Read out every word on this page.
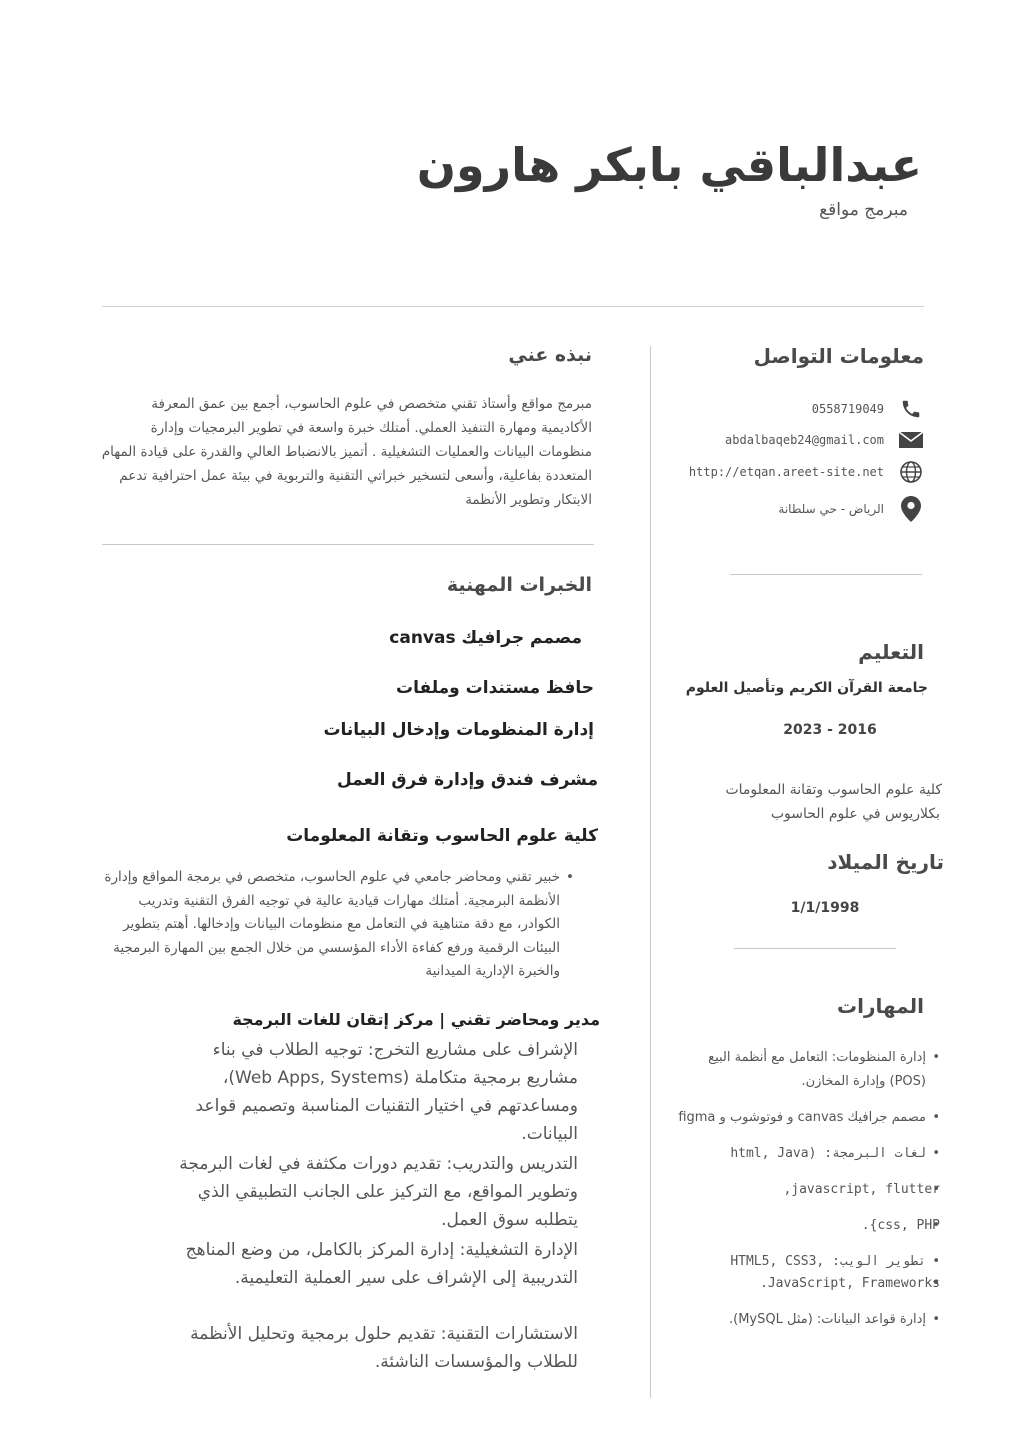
عبدالباقي بابكر هارون
مبرمج مواقع
معلومات التواصل
0558719049
abdalbaqeb24@gmail.com
http://etqan.areet-site.net
الرياض - حي سلطانة
التعليم
جامعة القرآن الكريم وتأصيل العلوم
2023 - 2016
كلية علوم الحاسوب وتقانة المعلومات
بكلاريوس في علوم الحاسوب
تاريخ الميلاد
1/1/1998
المهارات
• إدارة المنظومات: التعامل مع أنظمة البيع (POS) وإدارة المخازن.
• مصمم جرافيك canvas و فوتوشوب و figma
• لغات البرمجة: (html, Java
• javascript, flutter,
• css, PHP}.
• تطوير الويب: ,HTML5, CSS3
• JavaScript, Frameworks.
• إدارة قواعد البيانات: (مثل MySQL).
نبذه عني
مبرمج مواقع وأستاذ تقني متخصص في علوم الحاسوب، أجمع بين عمق المعرفة الأكاديمية ومهارة التنفيذ العملي. أمتلك خبرة واسعة في تطوير البرمجيات وإدارة منظومات البيانات والعمليات التشغيلية . أتميز بالانضباط العالي والقدرة على قيادة المهام المتعددة بفاعلية، وأسعى لتسخير خبراتي التقنية والتربوية في بيئة عمل احترافية تدعم الابتكار وتطوير الأنظمة
الخبرات المهنية
مصمم جرافيك canvas
حافظ مستندات وملفات
إدارة المنظومات وإدخال البيانات
مشرف فندق وإدارة فرق العمل
كلية علوم الحاسوب وتقانة المعلومات
•
خبير تقني ومحاضر جامعي في علوم الحاسوب، متخصص في برمجة المواقع وإدارة الأنظمة البرمجية. أمتلك مهارات قيادية عالية في توجيه الفرق التقنية وتدريب الكوادر، مع دقة متناهية في التعامل مع منظومات البيانات وإدخالها. أهتم بتطوير البيئات الرقمية ورفع كفاءة الأداء المؤسسي من خلال الجمع بين المهارة البرمجية والخبرة الإدارية الميدانية
مدير ومحاضر تقني | مركز إتقان للغات البرمجة
الإشراف على مشاريع التخرج: توجيه الطلاب في بناء مشاريع برمجية متكاملة (Web Apps, Systems)، ومساعدتهم في اختيار التقنيات المناسبة وتصميم قواعد البيانات.
التدريس والتدريب: تقديم دورات مكثفة في لغات البرمجة وتطوير المواقع، مع التركيز على الجانب التطبيقي الذي يتطلبه سوق العمل.
الإدارة التشغيلية: إدارة المركز بالكامل، من وضع المناهج التدريبية إلى الإشراف على سير العملية التعليمية.
الاستشارات التقنية: تقديم حلول برمجية وتحليل الأنظمة للطلاب والمؤسسات الناشئة.
